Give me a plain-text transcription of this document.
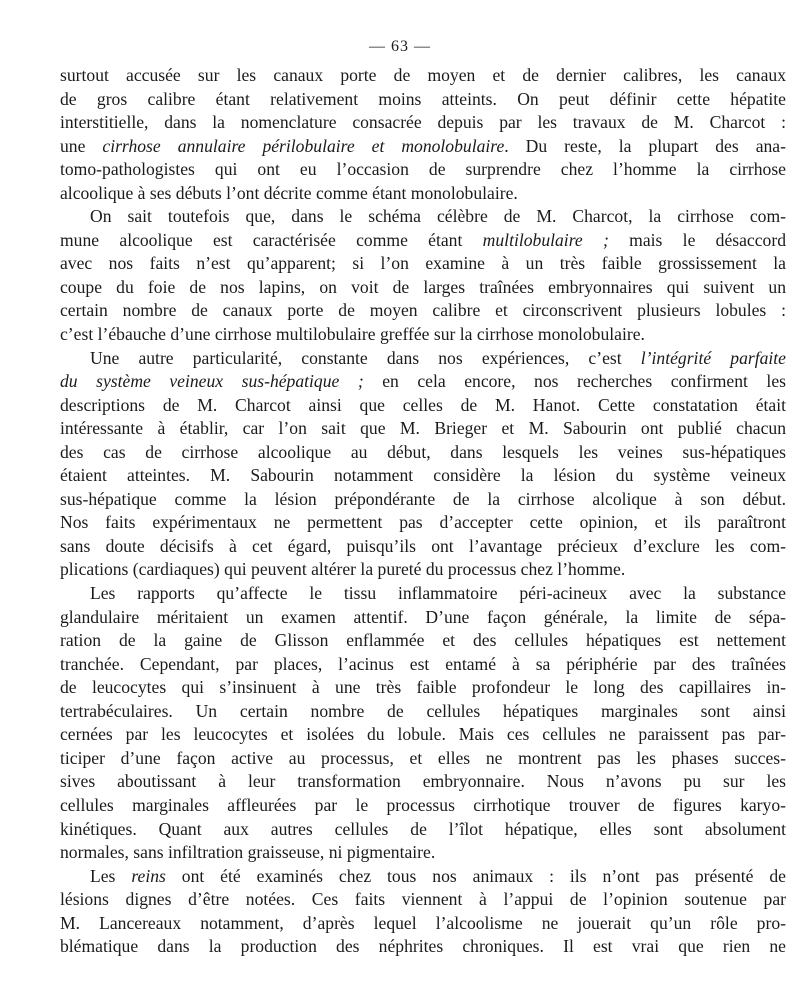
— 63 —
surtout accusée sur les canaux porte de moyen et de dernier calibres, les canaux
de gros calibre étant relativement moins atteints. On peut définir cette hépatite
interstitielle, dans la nomenclature consacrée depuis par les travaux de M. Charcot :
une cirrhose annulaire périlobulaire et monolobulaire. Du reste, la plupart des ana-
tomo-pathologistes qui ont eu l’occasion de surprendre chez l’homme la cirrhose
alcoolique à ses débuts l’ont décrite comme étant monolobulaire.
On sait toutefois que, dans le schéma célèbre de M. Charcot, la cirrhose com-
mune alcoolique est caractérisée comme étant multilobulaire ; mais le désaccord
avec nos faits n’est qu’apparent; si l’on examine à un très faible grossissement la
coupe du foie de nos lapins, on voit de larges traînées embryonnaires qui suivent un
certain nombre de canaux porte de moyen calibre et circonscrivent plusieurs lobules :
c’est l’ébauche d’une cirrhose multilobulaire greffée sur la cirrhose monolobulaire.
Une autre particularité, constante dans nos expériences, c’est l’intégrité parfaite
du système veineux sus-hépatique ; en cela encore, nos recherches confirment les
descriptions de M. Charcot ainsi que celles de M. Hanot. Cette constatation était
intéressante à établir, car l’on sait que M. Brieger et M. Sabourin ont publié chacun
des cas de cirrhose alcoolique au début, dans lesquels les veines sus-hépatiques
étaient atteintes. M. Sabourin notamment considère la lésion du système veineux
sus-hépatique comme la lésion prépondérante de la cirrhose alcolique à son début.
Nos faits expérimentaux ne permettent pas d’accepter cette opinion, et ils paraîtront
sans doute décisifs à cet égard, puisqu’ils ont l’avantage précieux d’exclure les com-
plications (cardiaques) qui peuvent altérer la pureté du processus chez l’homme.
Les rapports qu’affecte le tissu inflammatoire péri-acineux avec la substance
glandulaire méritaient un examen attentif. D’une façon générale, la limite de sépa-
ration de la gaine de Glisson enflammée et des cellules hépatiques est nettement
tranchée. Cependant, par places, l’acinus est entamé à sa périphérie par des traînées
de leucocytes qui s’insinuent à une très faible profondeur le long des capillaires in-
tertrabéculaires. Un certain nombre de cellules hépatiques marginales sont ainsi
cernées par les leucocytes et isolées du lobule. Mais ces cellules ne paraissent pas par-
ticiper d’une façon active au processus, et elles ne montrent pas les phases succes-
sives aboutissant à leur transformation embryonnaire. Nous n’avons pu sur les
cellules marginales affleurées par le processus cirrhotique trouver de figures karyo-
kinétiques. Quant aux autres cellules de l’îlot hépatique, elles sont absolument
normales, sans infiltration graisseuse, ni pigmentaire.
Les reins ont été examinés chez tous nos animaux : ils n’ont pas présenté de
lésions dignes d’être notées. Ces faits viennent à l’appui de l’opinion soutenue par
M. Lancereaux notamment, d’après lequel l’alcoolisme ne jouerait qu’un rôle pro-
blématique dans la production des néphrites chroniques. Il est vrai que rien ne
